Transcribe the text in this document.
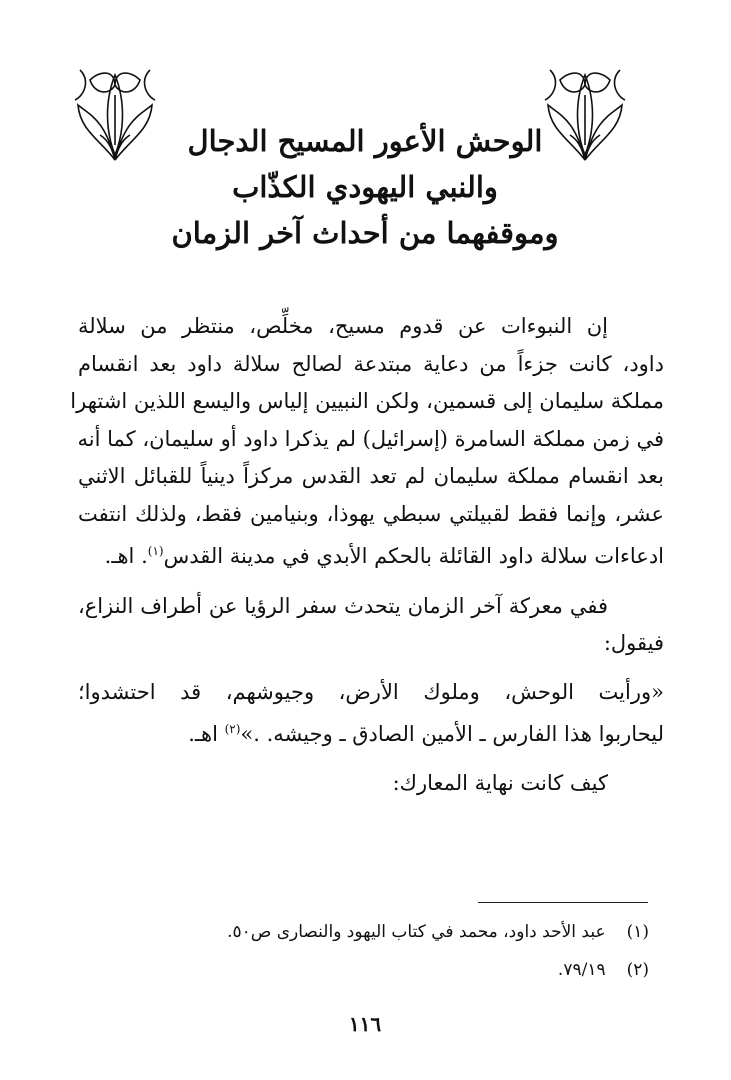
الوحش الأعور المسيح الدجال
والنبي اليهودي الكذّاب
وموقفهما من أحداث آخر الزمان
إن النبوءات عن قدوم مسيح، مخلِّص، منتظر من سلالة
داود، كانت جزءاً من دعاية مبتدعة لصالح سلالة داود بعد انقسام
مملكة سليمان إلى قسمين، ولكن النبيين إلياس واليسع اللذين اشتهرا
في زمن مملكة السامرة (إسرائيل) لم يذكرا داود أو سليمان، كما أنه
بعد انقسام مملكة سليمان لم تعد القدس مركزاً دينياً للقبائل الاثني
عشر، وإنما فقط لقبيلتي سبطي يهوذا، وبنيامين فقط، ولذلك انتفت
ادعاءات سلالة داود القائلة بالحكم الأبدي في مدينة القدس$^{(١)}$. اهـ.
ففي معركة آخر الزمان يتحدث سفر الرؤيا عن أطراف النزاع،
فيقول:
«ورأيت الوحش، وملوك الأرض، وجيوشهم، قد احتشدوا؛
ليحاربوا هذا الفارس ـ الأمين الصادق ـ وجيشه. .»$^{(٢)}$ اهـ.
كيف كانت نهاية المعارك:
(١) عبد الأحد داود، محمد في كتاب اليهود والنصارى ص٥٠.
(٢) ٧٩/١٩.
١١٦
